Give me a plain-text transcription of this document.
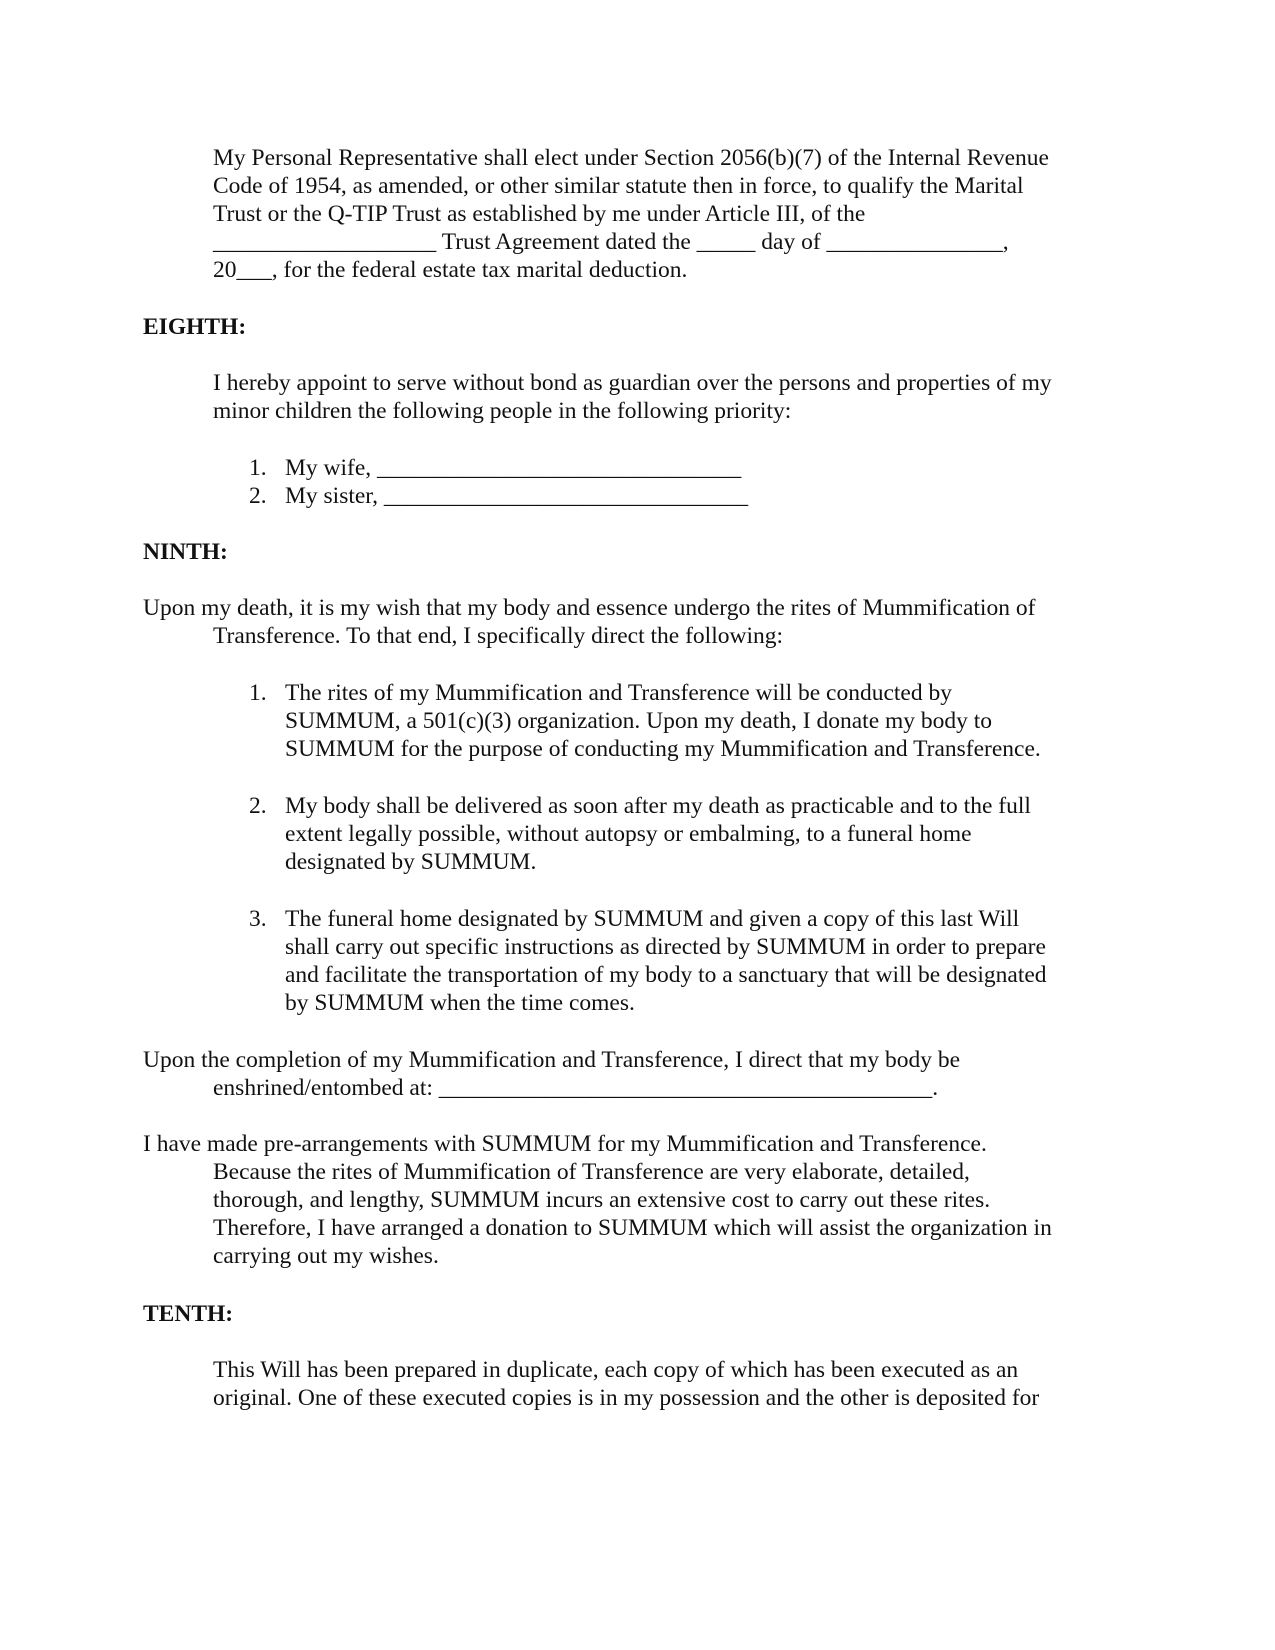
My Personal Representative shall elect under Section 2056(b)(7) of the Internal Revenue
Code of 1954, as amended, or other similar statute then in force, to qualify the Marital
Trust or the Q-TIP Trust as established by me under Article III, of the
___________________ Trust Agreement dated the _____ day of _______________,
20___, for the federal estate tax marital deduction.
EIGHTH:
I hereby appoint to serve without bond as guardian over the persons and properties of my
minor children the following people in the following priority:
1. My wife, _______________________________
2. My sister, _______________________________
NINTH:
Upon my death, it is my wish that my body and essence undergo the rites of Mummification of
Transference. To that end, I specifically direct the following:
1. The rites of my Mummification and Transference will be conducted by
SUMMUM, a 501(c)(3) organization. Upon my death, I donate my body to
SUMMUM for the purpose of conducting my Mummification and Transference.
2. My body shall be delivered as soon after my death as practicable and to the full
extent legally possible, without autopsy or embalming, to a funeral home
designated by SUMMUM.
3. The funeral home designated by SUMMUM and given a copy of this last Will
shall carry out specific instructions as directed by SUMMUM in order to prepare
and facilitate the transportation of my body to a sanctuary that will be designated
by SUMMUM when the time comes.
Upon the completion of my Mummification and Transference, I direct that my body be
enshrined/entombed at: __________________________________________.
I have made pre-arrangements with SUMMUM for my Mummification and Transference.
Because the rites of Mummification of Transference are very elaborate, detailed,
thorough, and lengthy, SUMMUM incurs an extensive cost to carry out these rites.
Therefore, I have arranged a donation to SUMMUM which will assist the organization in
carrying out my wishes.
TENTH:
This Will has been prepared in duplicate, each copy of which has been executed as an
original. One of these executed copies is in my possession and the other is deposited for
